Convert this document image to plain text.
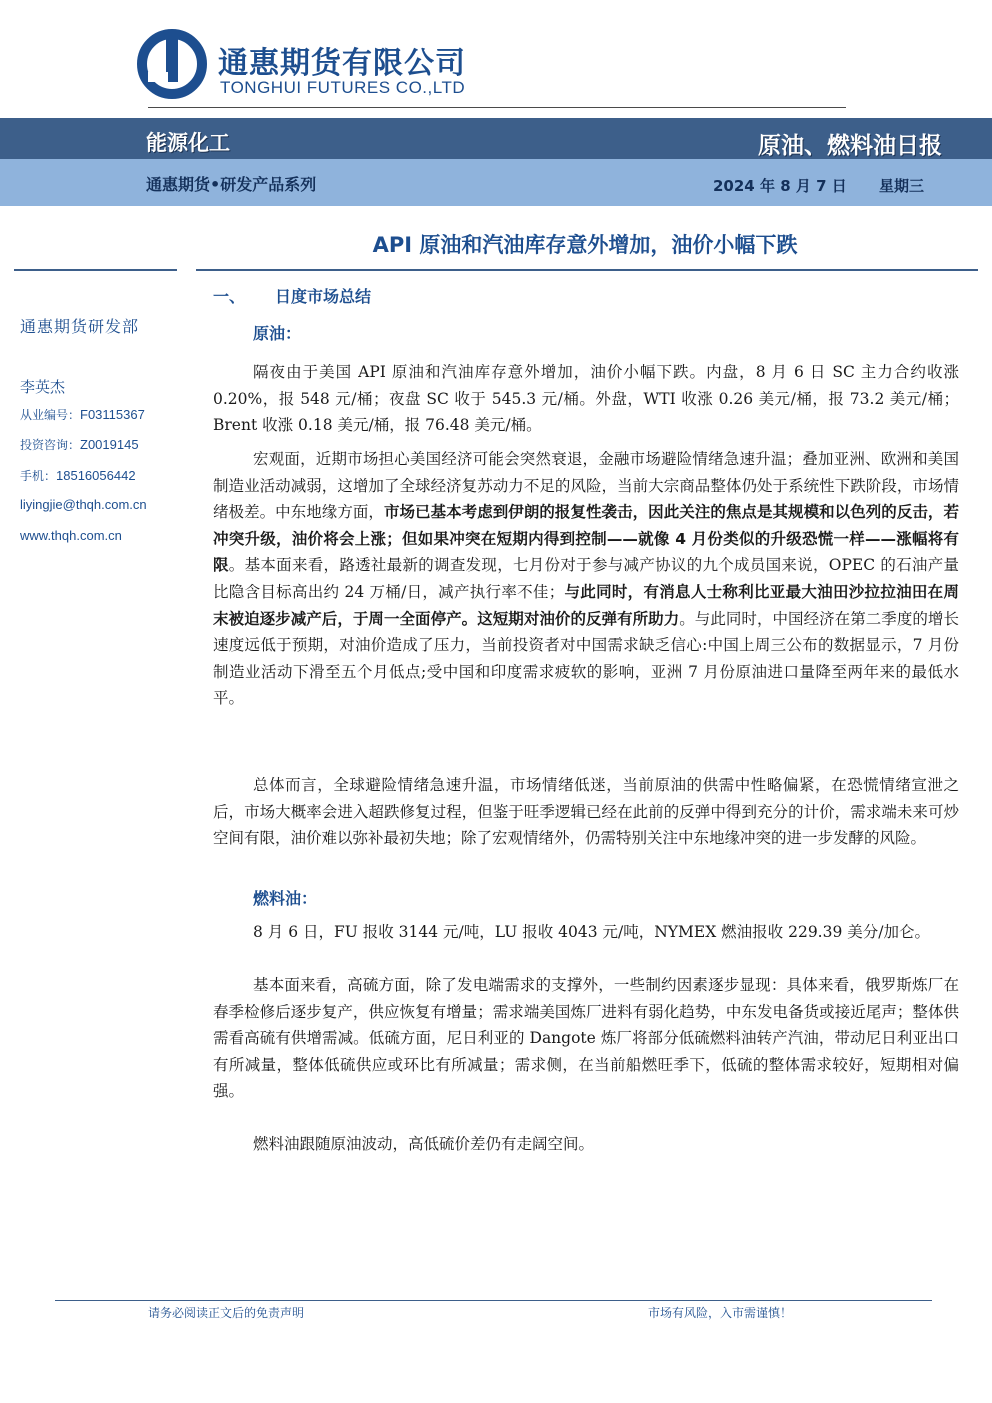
通惠期货有限公司
TONGHUI FUTURES CO.,LTD
能源化工	原油、燃料油日报
通惠期货•研发产品系列	2024 年 8 月 7 日 星期三
API 原油和汽油库存意外增加，油价小幅下跌
通惠期货研发部
李英杰
从业编号：F03115367
投资咨询：Z0019145
手机：18516056442
liyingjie@thqh.com.cn
www.thqh.com.cn
一、 日度市场总结
原油：

隔夜由于美国 API 原油和汽油库存意外增加，油价小幅下跌。内盘，8 月 6 日 SC 主力合约收涨 0.20%，报 548 元/桶；夜盘 SC 收于 545.3 元/桶。外盘，WTI 收涨 0.26 美元/桶，报 73.2 美元/桶；Brent 收涨 0.18 美元/桶，报 76.48 美元/桶。

宏观面，近期市场担心美国经济可能会突然衰退，金融市场避险情绪急速升温；叠加亚洲、欧洲和美国制造业活动减弱，这增加了全球经济复苏动力不足的风险，当前大宗商品整体仍处于系统性下跌阶段，市场情绪极差。中东地缘方面，市场已基本考虑到伊朗的报复性袭击，因此关注的焦点是其规模和以色列的反击，若冲突升级，油价将会上涨；但如果冲突在短期内得到控制——就像 4 月份类似的升级恐慌一样——涨幅将有限。基本面来看，路透社最新的调查发现，七月份对于参与减产协议的九个成员国来说，OPEC 的石油产量比隐含目标高出约 24 万桶/日，减产执行率不佳；与此同时，有消息人士称利比亚最大油田沙拉拉油田在周末被迫逐步减产后，于周一全面停产。这短期对油价的反弹有所助力。与此同时，中国经济在第二季度的增长速度远低于预期，对油价造成了压力，当前投资者对中国需求缺乏信心:中国上周三公布的数据显示，7 月份制造业活动下滑至五个月低点;受中国和印度需求疲软的影响，亚洲 7 月份原油进口量降至两年来的最低水平。

总体而言，全球避险情绪急速升温，市场情绪低迷，当前原油的供需中性略偏紧，在恐慌情绪宣泄之后，市场大概率会进入超跌修复过程，但鉴于旺季逻辑已经在此前的反弹中得到充分的计价，需求端未来可炒空间有限，油价难以弥补最初失地；除了宏观情绪外，仍需特别关注中东地缘冲突的进一步发酵的风险。

燃料油：

8 月 6 日，FU 报收 3144 元/吨，LU 报收 4043 元/吨，NYMEX 燃油报收 229.39 美分/加仑。

基本面来看，高硫方面，除了发电端需求的支撑外，一些制约因素逐步显现：具体来看，俄罗斯炼厂在春季检修后逐步复产，供应恢复有增量；需求端美国炼厂进料有弱化趋势，中东发电备货或接近尾声；整体供需看高硫有供增需减。低硫方面，尼日利亚的 Dangote 炼厂将部分低硫燃料油转产汽油，带动尼日利亚出口有所减量，整体低硫供应或环比有所减量；需求侧，在当前船燃旺季下，低硫的整体需求较好，短期相对偏强。

燃料油跟随原油波动，高低硫价差仍有走阔空间。

请务必阅读正文后的免责声明	市场有风险，入市需谨慎！
